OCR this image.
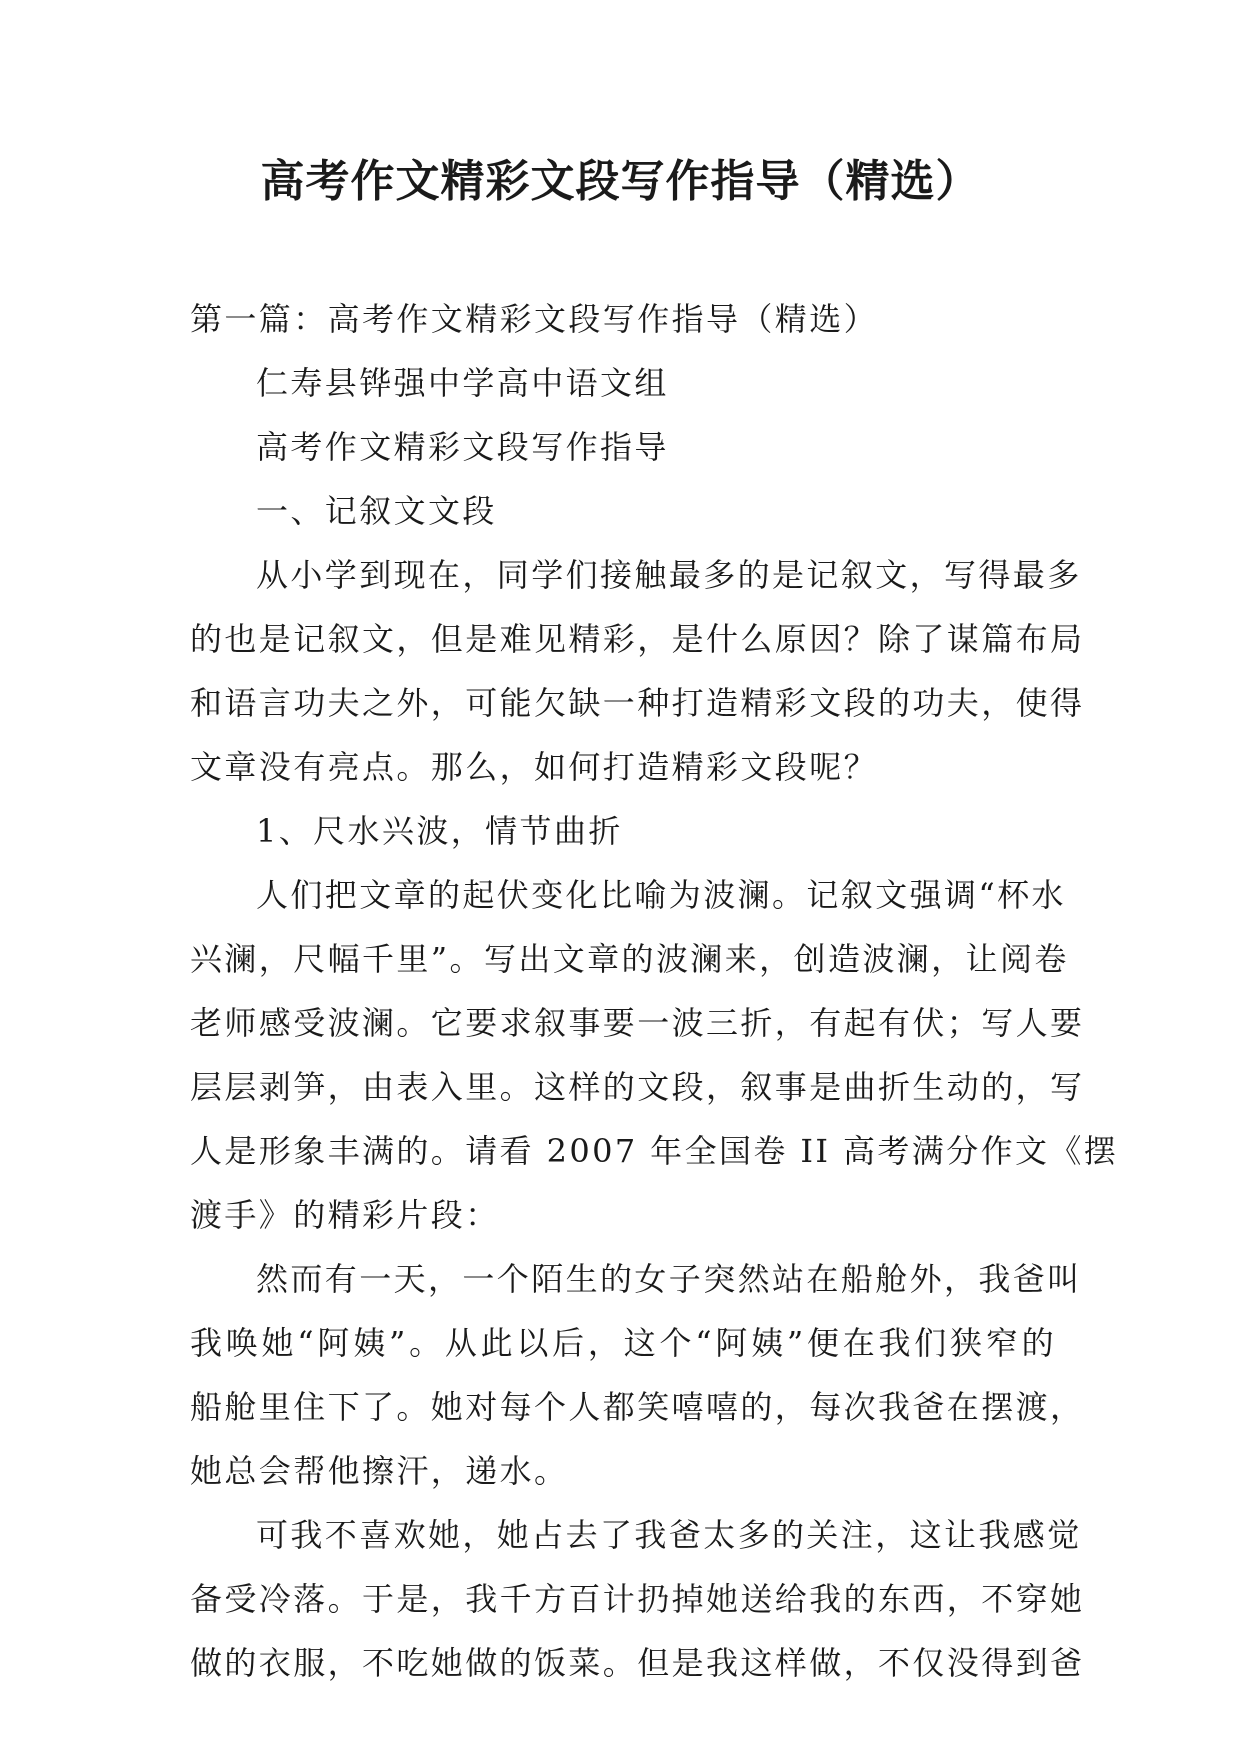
高考作文精彩文段写作指导（精选）

第一篇：高考作文精彩文段写作指导（精选）

仁寿县铧强中学高中语文组

高考作文精彩文段写作指导

一、记叙文文段

从小学到现在，同学们接触最多的是记叙文，写得最多

的也是记叙文，但是难见精彩，是什么原因？除了谋篇布局

和语言功夫之外，可能欠缺一种打造精彩文段的功夫，使得

文章没有亮点。那么，如何打造精彩文段呢？

1、尺水兴波，情节曲折

人们把文章的起伏变化比喻为波澜。记叙文强调“杯水

兴澜，尺幅千里”。写出文章的波澜来，创造波澜，让阅卷

老师感受波澜。它要求叙事要一波三折，有起有伏；写人要

层层剥笋，由表入里。这样的文段，叙事是曲折生动的，写

人是形象丰满的。请看 2007 年全国卷 II 高考满分作文《摆

渡手》的精彩片段：

然而有一天，一个陌生的女子突然站在船舱外，我爸叫

我唤她“阿姨”。从此以后，这个“阿姨”便在我们狭窄的

船舱里住下了。她对每个人都笑嘻嘻的，每次我爸在摆渡，

她总会帮他擦汗，递水。

可我不喜欢她，她占去了我爸太多的关注，这让我感觉

备受冷落。于是，我千方百计扔掉她送给我的东西，不穿她

做的衣服，不吃她做的饭菜。但是我这样做，不仅没得到爸
